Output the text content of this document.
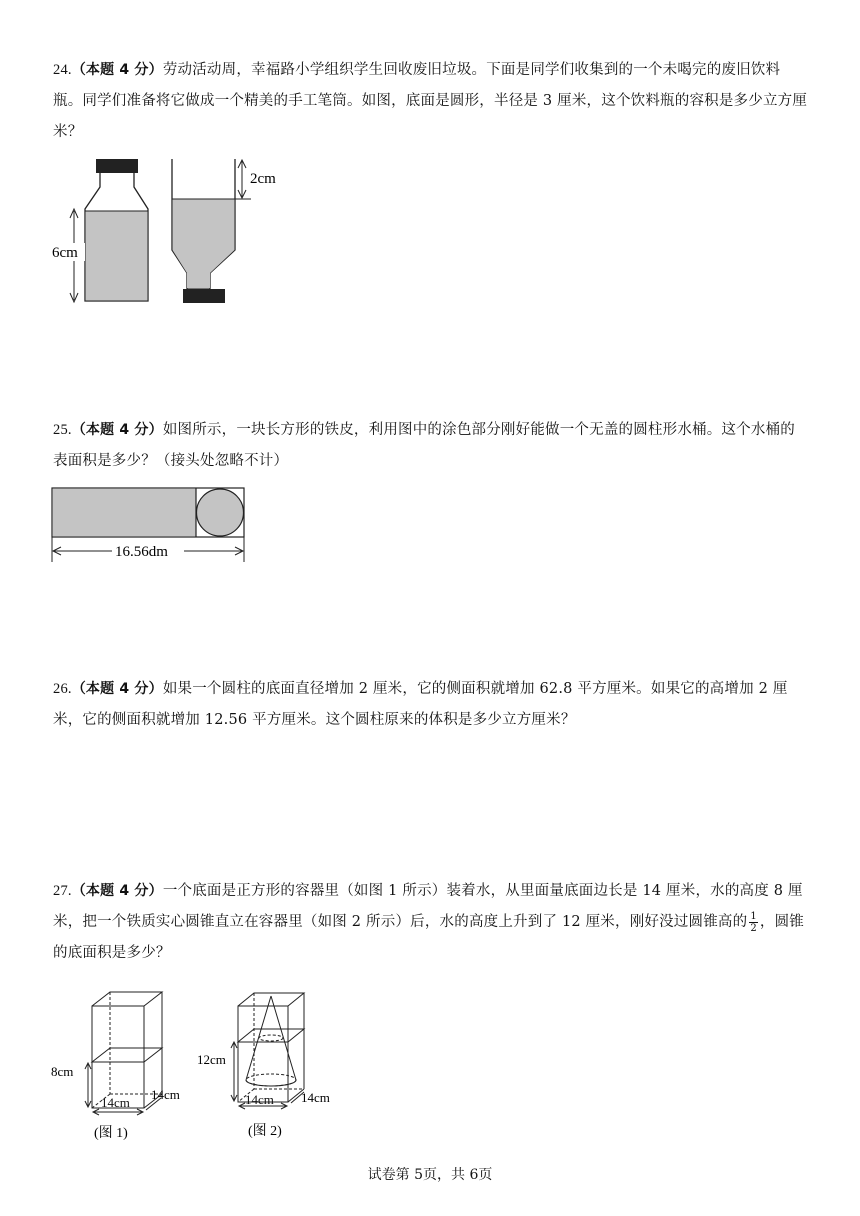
24.（本题 4 分）劳动活动周，幸福路小学组织学生回收废旧垃圾。下面是同学们收集到的一个未喝完的废旧饮料瓶。同学们准备将它做成一个精美的手工笔筒。如图，底面是圆形，半径是 3 厘米，这个饮料瓶的容积是多少立方厘米？
6cm
2cm
25.（本题 4 分）如图所示，一块长方形的铁皮，利用图中的涂色部分刚好能做一个无盖的圆柱形水桶。这个水桶的表面积是多少？（接头处忽略不计）
16.56dm
26.（本题 4 分）如果一个圆柱的底面直径增加 2 厘米，它的侧面积就增加 62.8 平方厘米。如果它的高增加 2 厘米，它的侧面积就增加 12.56 平方厘米。这个圆柱原来的体积是多少立方厘米？
27.（本题 4 分）一个底面是正方形的容器里（如图 1 所示）装着水，从里面量底面边长是 14 厘米，水的高度 8 厘米，把一个铁质实心圆锥直立在容器里（如图 2 所示）后，水的高度上升到了 12 厘米，刚好没过圆锥高的 $\frac{1}{2}$ ，圆锥的底面积是多少？
8cm
14cm
(图 1)
12cm
14cm
(图 2)
14cm	14cm
试卷第 5页，共 6页
